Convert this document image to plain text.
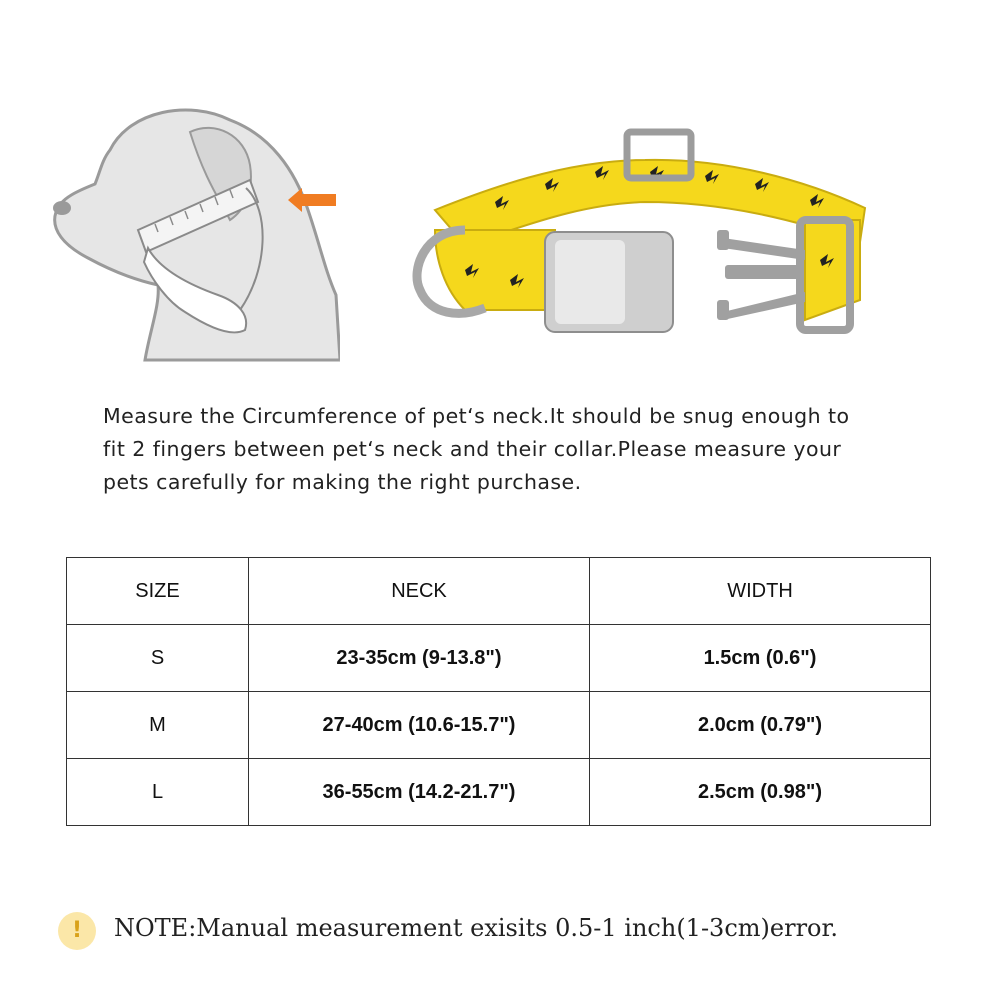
Measure the Circumference of pet‘s neck.It should be snug enough to
fit 2 fingers between pet‘s neck and their collar.Please measure your
pets carefully for making the right purchase.

SIZE	NECK	WIDTH
S	23-35cm (9-13.8")	1.5cm (0.6")
M	27-40cm (10.6-15.7")	2.0cm (0.79")
L	36-55cm (14.2-21.7")	2.5cm (0.98")
!	NOTE:Manual measurement exisits 0.5-1 inch(1-3cm)error.
